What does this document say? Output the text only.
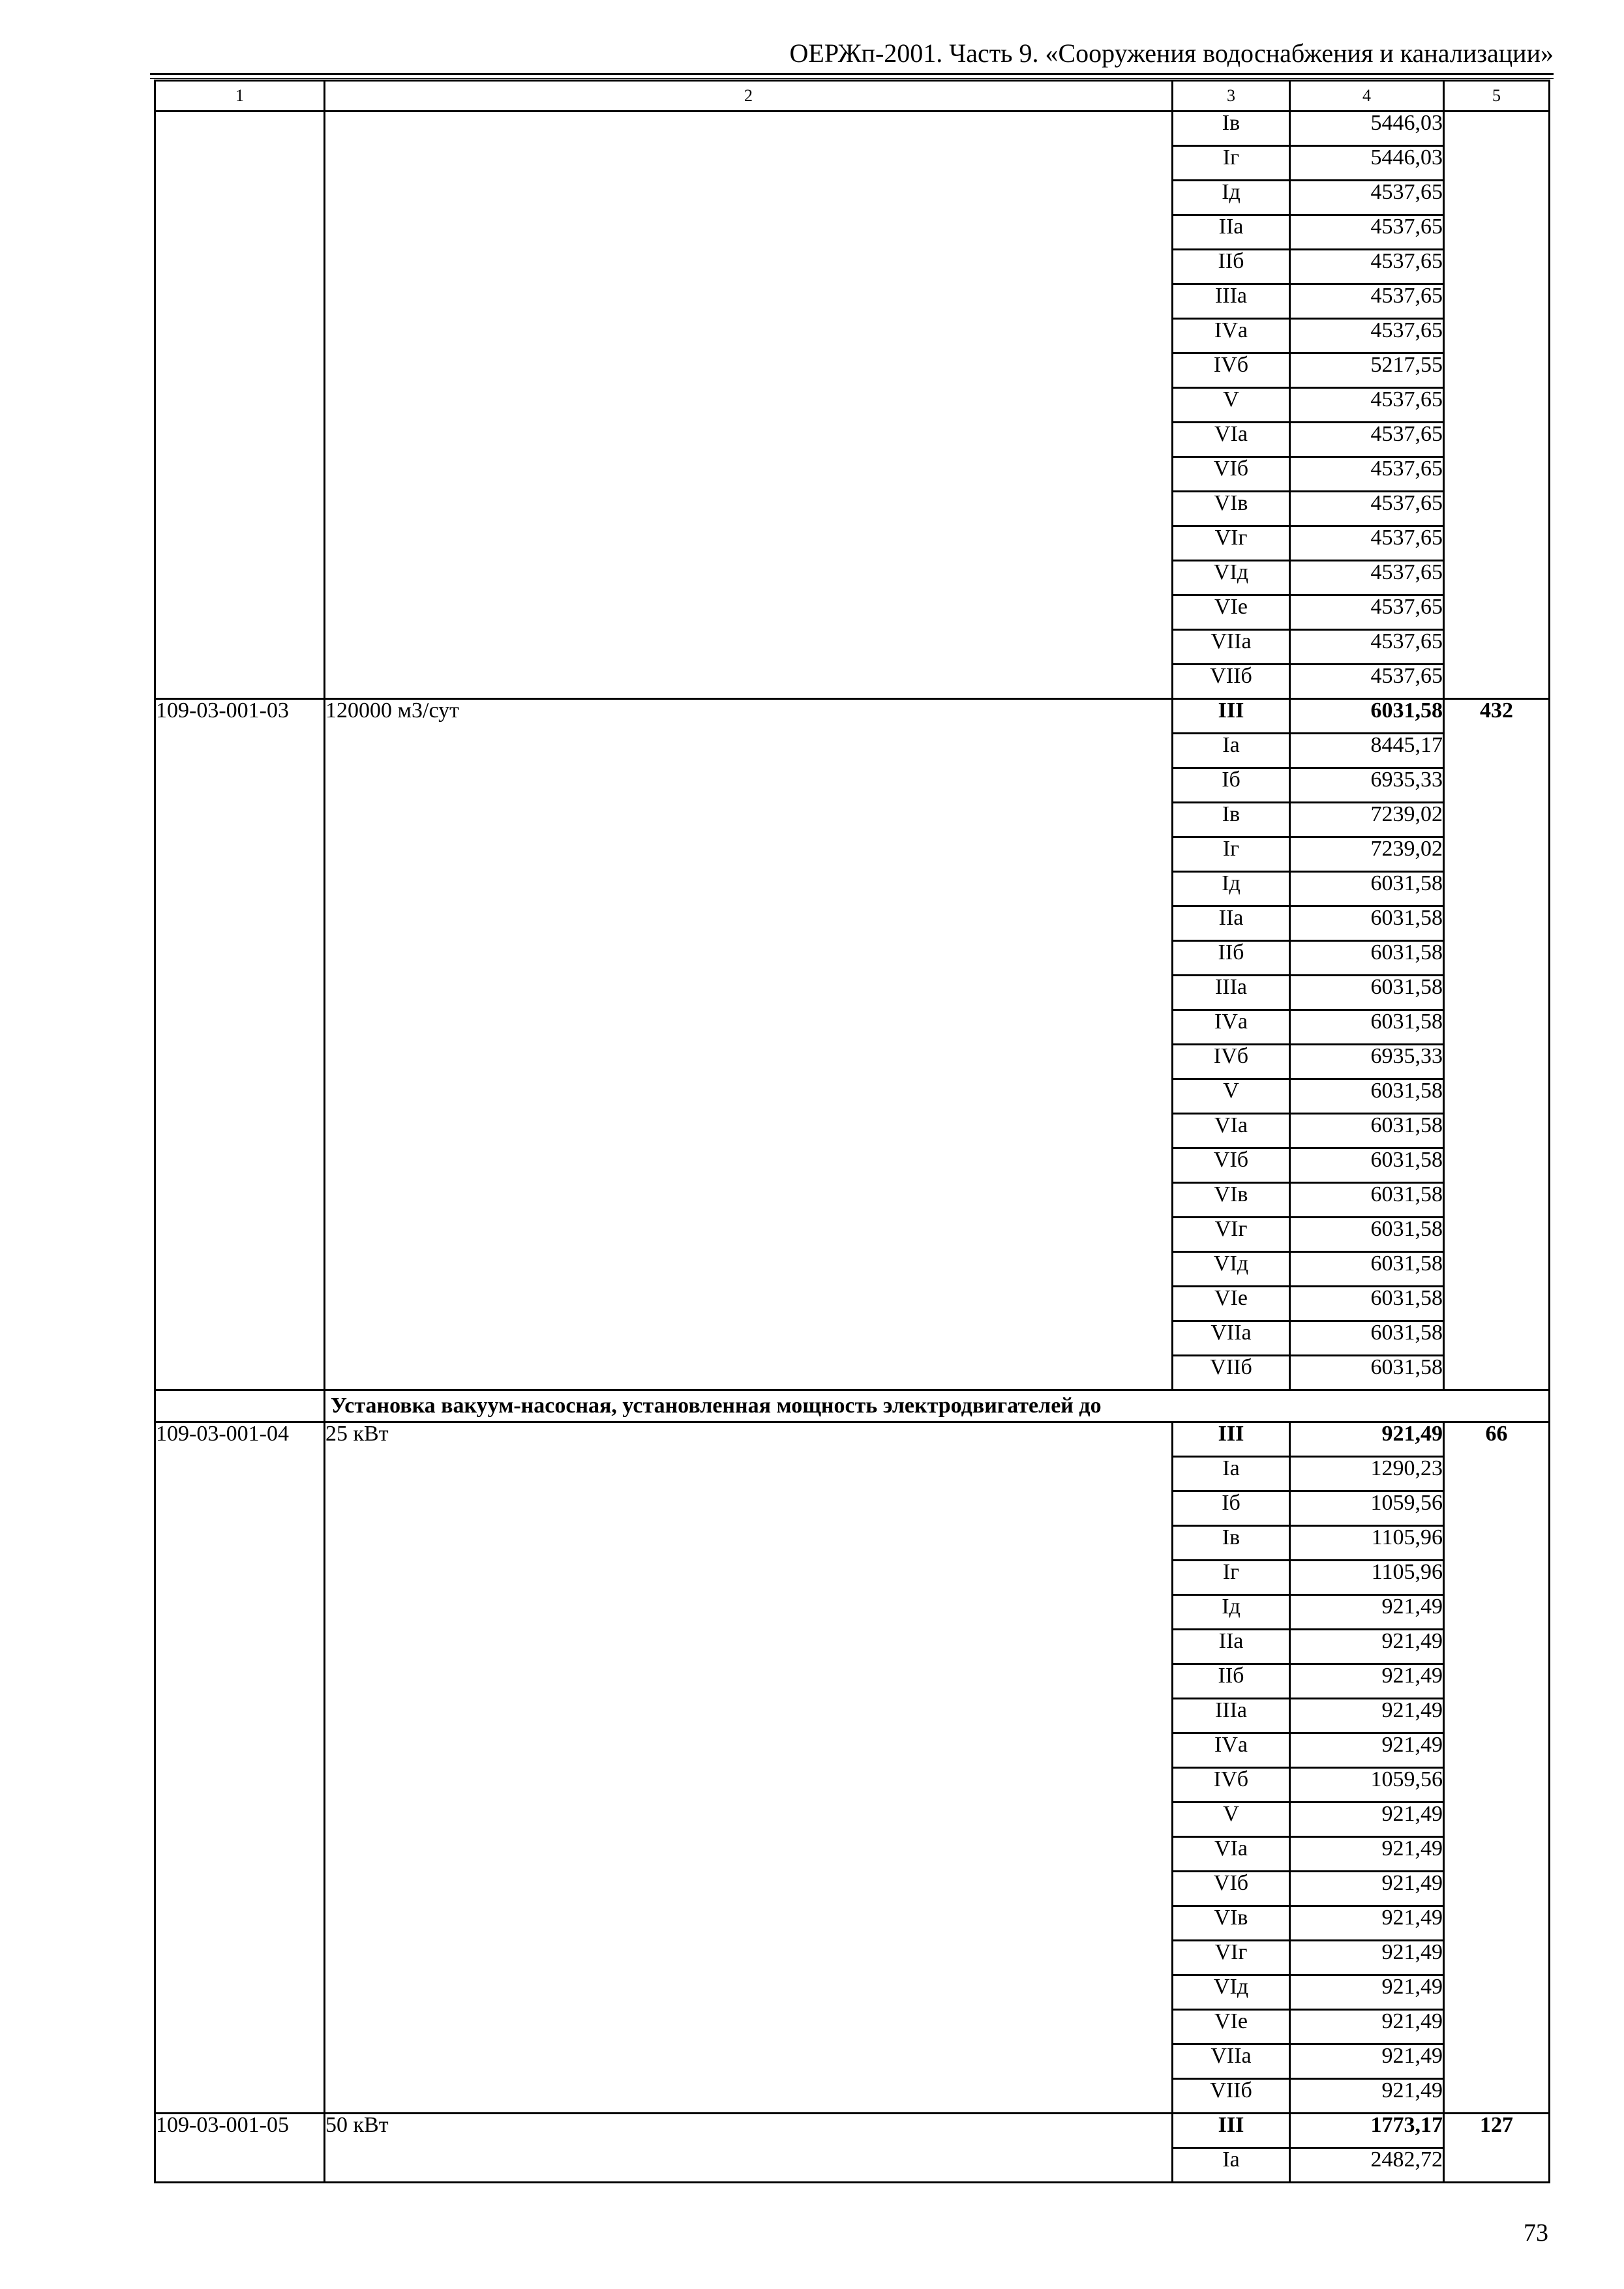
ОЕРЖп-2001. Часть 9. «Сооружения водоснабжения и канализации»
1	2	3	4	5
		Iв	5446,03	
		Iг	5446,03	
		Iд	4537,65	
		IIа	4537,65	
		IIб	4537,65	
		IIIа	4537,65	
		IVа	4537,65	
		IVб	5217,55	
		V	4537,65	
		VIа	4537,65	
		VIб	4537,65	
		VIв	4537,65	
		VIг	4537,65	
		VIд	4537,65	
		VIе	4537,65	
		VIIа	4537,65	
		VIIб	4537,65	
109-03-001-03	120000 м3/сут	III	6031,58	432
		Iа	8445,17	
		Iб	6935,33	
		Iв	7239,02	
		Iг	7239,02	
		Iд	6031,58	
		IIа	6031,58	
		IIб	6031,58	
		IIIа	6031,58	
		IVа	6031,58	
		IVб	6935,33	
		V	6031,58	
		VIа	6031,58	
		VIб	6031,58	
		VIв	6031,58	
		VIг	6031,58	
		VIд	6031,58	
		VIе	6031,58	
		VIIа	6031,58	
		VIIб	6031,58	
	Установка вакуум-насосная, установленная мощность электродвигателей до			
109-03-001-04	25 кВт	III	921,49	66
		Iа	1290,23	
		Iб	1059,56	
		Iв	1105,96	
		Iг	1105,96	
		Iд	921,49	
		IIа	921,49	
		IIб	921,49	
		IIIа	921,49	
		IVа	921,49	
		IVб	1059,56	
		V	921,49	
		VIа	921,49	
		VIб	921,49	
		VIв	921,49	
		VIг	921,49	
		VIд	921,49	
		VIе	921,49	
		VIIа	921,49	
		VIIб	921,49	
109-03-001-05	50 кВт	III	1773,17	127
		Iа	2482,72	
73
